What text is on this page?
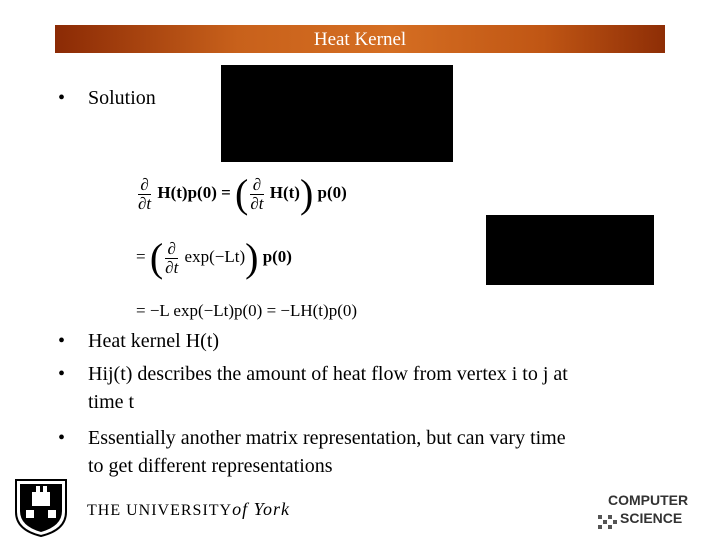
Heat Kernel
• Solution
$\frac{\partial}{\partial t} H(t)p(0)$ = ( $\frac{\partial}{\partial t} H(t)$) p(0)
= ( $\frac{\partial}{\partial t} \exp(-Lt)$) p(0)
= −L exp(−Lt)p(0) = −LH(t)p(0)
• Heat kernel H(t)
• Hij(t) describes the amount of heat flow from vertex i to j at
time t
• Essentially another matrix representation, but can vary time
to get different representations
THE UNIVERSITYof York	COMPUTER
SCIENCE
